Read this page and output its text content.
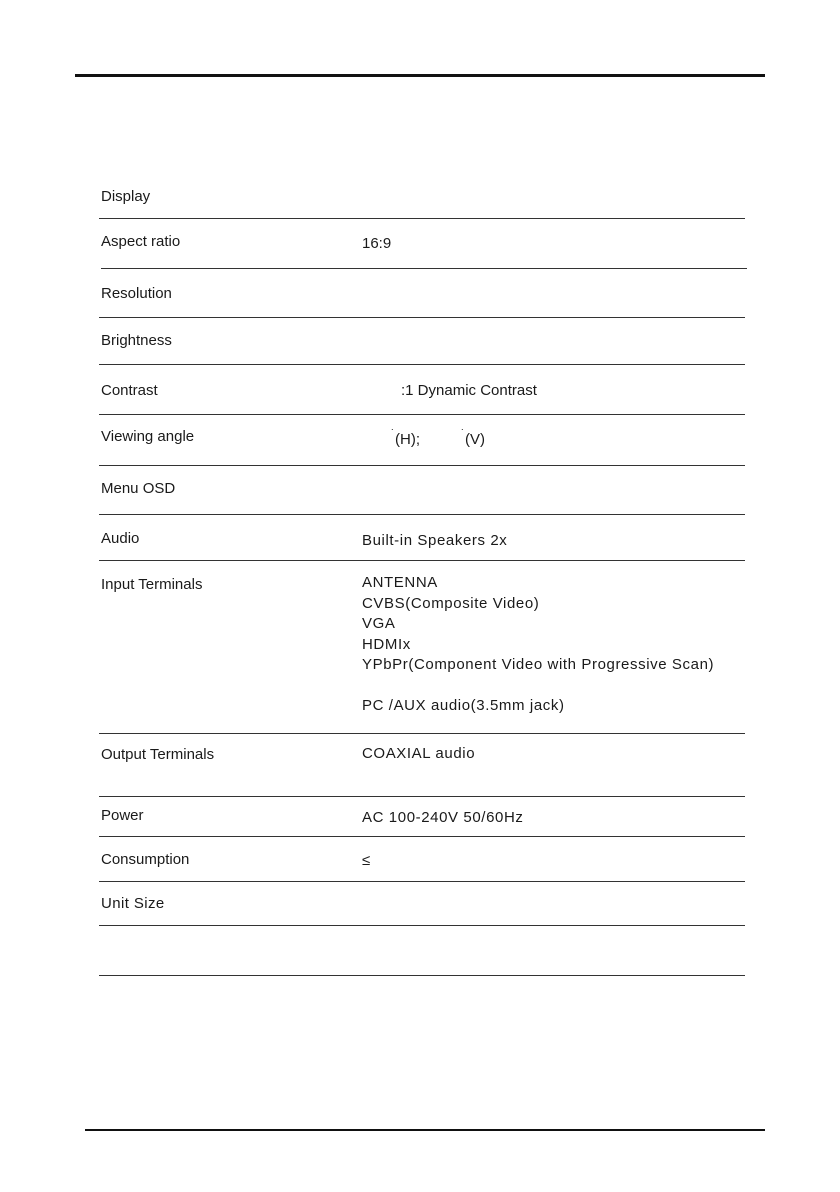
Display
Aspect ratio	16:9
Resolution
Brightness
Contrast	:1 Dynamic Contrast
Viewing angle	˙ (H);	˙ (V)
Menu OSD
Audio	Built-in Speakers 2x
Input Terminals	ANTENNA
CVBS(Composite Video)
VGA
HDMIx
YPbPr(Component Video with Progressive Scan)
PC /AUX audio(3.5mm jack)
Output Terminals	COAXIAL audio
Power	AC 100-240V 50/60Hz
Consumption	≤
Unit Size
